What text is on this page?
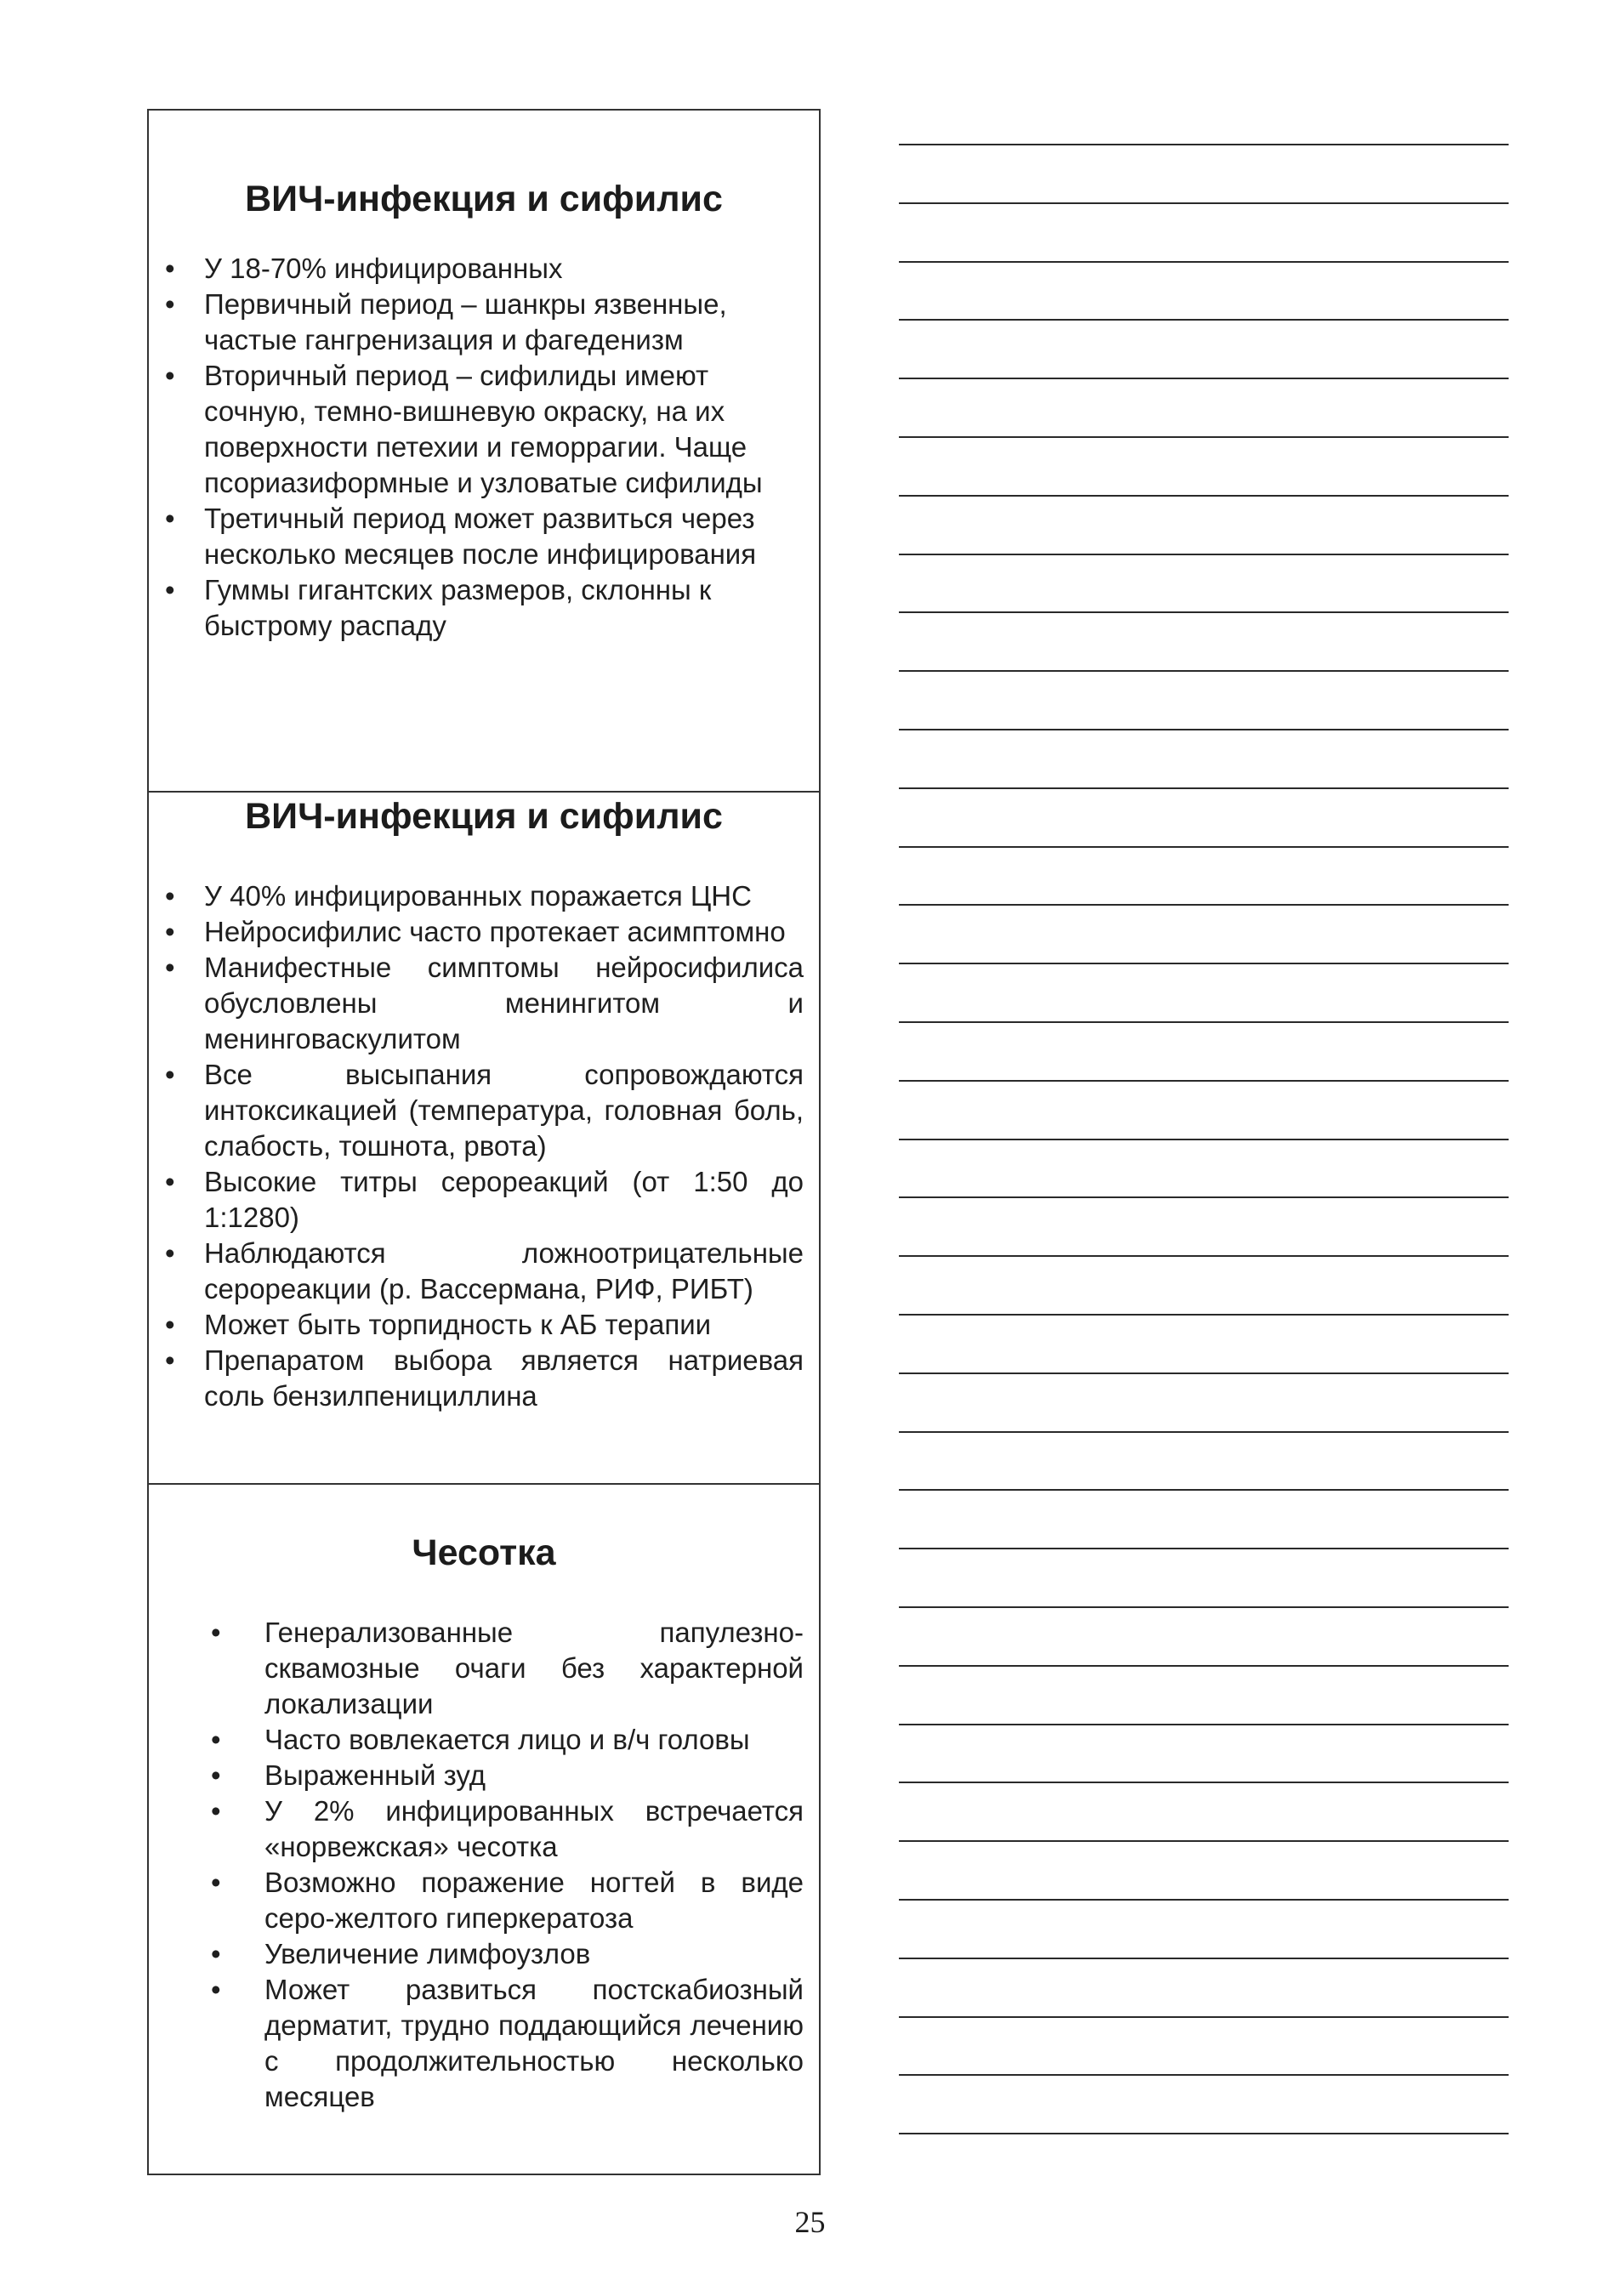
ВИЧ-инфекция и сифилис
• У 18-70% инфицированных
• Первичный период – шанкры язвенные, частые гангренизация и фагеденизм
• Вторичный период – сифилиды имеют сочную, темно-вишневую окраску, на их поверхности петехии и геморрагии. Чаще псориазиформные и узловатые сифилиды
• Третичный период может развиться через несколько месяцев после инфицирования
• Гуммы гигантских размеров, склонны к быстрому распаду
ВИЧ-инфекция и сифилис
• У 40% инфицированных поражается ЦНС
• Нейросифилис часто протекает асимптомно
• Манифестные симптомы нейросифилиса обусловлены менингитом и менинговаскулитом
• Все высыпания сопровождаются интоксикацией (температура, головная боль, слабость, тошнота, рвота)
• Высокие титры серореакций (от 1:50 до 1:1280)
• Наблюдаются ложноотрицательные серореакции (р. Вассермана, РИФ, РИБТ)
• Может быть торпидность к АБ терапии
• Препаратом выбора является натриевая соль бензилпенициллина
Чесотка
• Генерализованные папулезно-сквамозные очаги без характерной локализации
• Часто вовлекается лицо и в/ч головы
• Выраженный зуд
• У 2% инфицированных встречается «норвежская» чесотка
• Возможно поражение ногтей в виде серо-желтого гиперкератоза
• Увеличение лимфоузлов
• Может развиться постскабиозный дерматит, трудно поддающийся лечению с продолжительностью несколько месяцев
25
